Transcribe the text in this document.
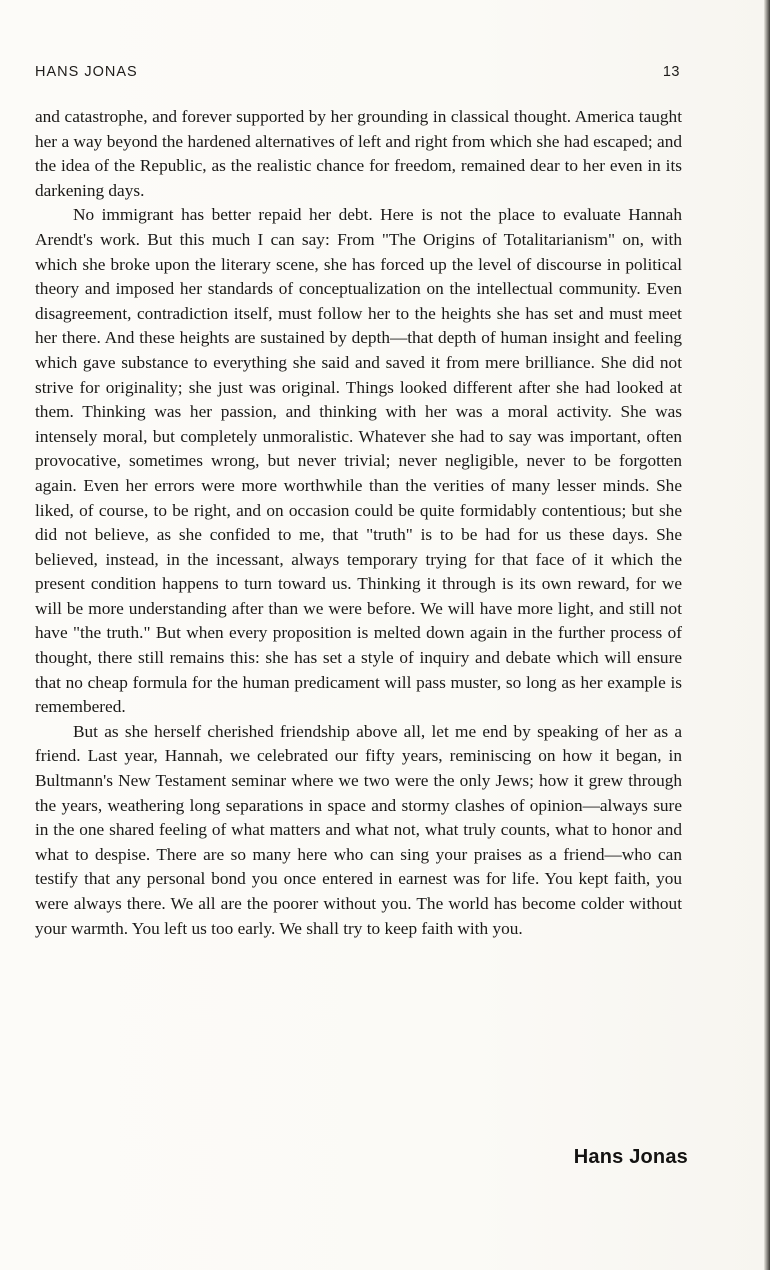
HANS JONAS	13

and catastrophe, and forever supported by her grounding in classical thought. America taught her a way beyond the hardened alternatives of left and right from which she had escaped; and the idea of the Republic, as the realistic chance for freedom, remained dear to her even in its darkening days.

No immigrant has better repaid her debt. Here is not the place to evaluate Hannah Arendt's work. But this much I can say: From "The Origins of Totalitarianism" on, with which she broke upon the literary scene, she has forced up the level of discourse in political theory and imposed her standards of conceptualization on the intellectual community. Even disagreement, contradiction itself, must follow her to the heights she has set and must meet her there. And these heights are sustained by depth—that depth of human insight and feeling which gave substance to everything she said and saved it from mere brilliance. She did not strive for originality; she just was original. Things looked different after she had looked at them. Thinking was her passion, and thinking with her was a moral activity. She was intensely moral, but completely unmoralistic. Whatever she had to say was important, often provocative, sometimes wrong, but never trivial; never negligible, never to be forgotten again. Even her errors were more worthwhile than the verities of many lesser minds. She liked, of course, to be right, and on occasion could be quite formidably contentious; but she did not believe, as she confided to me, that "truth" is to be had for us these days. She believed, instead, in the incessant, always temporary trying for that face of it which the present condition happens to turn toward us. Thinking it through is its own reward, for we will be more understanding after than we were before. We will have more light, and still not have "the truth." But when every proposition is melted down again in the further process of thought, there still remains this: she has set a style of inquiry and debate which will ensure that no cheap formula for the human predicament will pass muster, so long as her example is remembered.

But as she herself cherished friendship above all, let me end by speaking of her as a friend. Last year, Hannah, we celebrated our fifty years, reminiscing on how it began, in Bultmann's New Testament seminar where we two were the only Jews; how it grew through the years, weathering long separations in space and stormy clashes of opinion—always sure in the one shared feeling of what matters and what not, what truly counts, what to honor and what to despise. There are so many here who can sing your praises as a friend—who can testify that any personal bond you once entered in earnest was for life. You kept faith, you were always there. We all are the poorer without you. The world has become colder without your warmth. You left us too early. We shall try to keep faith with you.

Hans Jonas
